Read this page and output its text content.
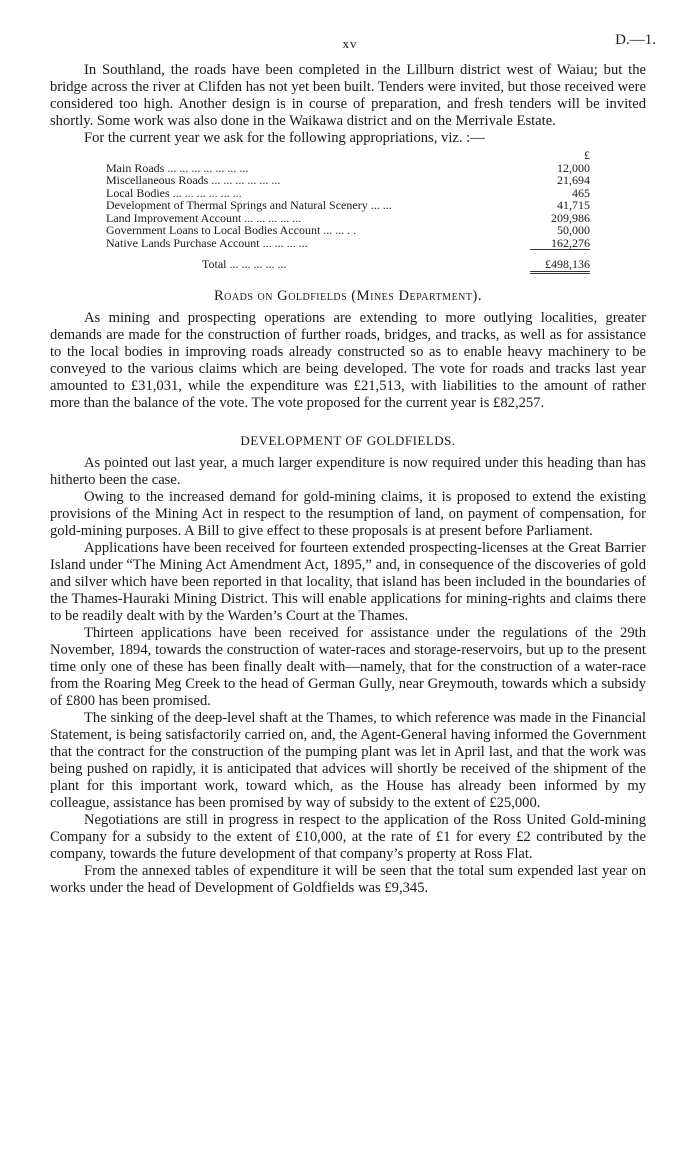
xv	D.—1.

In Southland, the roads have been completed in the Lillburn district west of Waiau; but the bridge across the river at Clifden has not yet been built. Tenders were invited, but those received were considered too high. Another design is in course of preparation, and fresh tenders will be invited shortly. Some work was also done in the Waikawa district and on the Merrivale Estate.

For the current year we ask for the following appropriations, viz. :—

	£
Main Roads ... ... ... ... ... ... ...	12,000
Miscellaneous Roads ... ... ... ... ... ...	21,694
Local Bodies ... ... ... ... ... ...	465
Development of Thermal Springs and Natural Scenery ... ...	41,715
Land Improvement Account ... ... ... ... ...	209,986
Government Loans to Local Bodies Account ... ... . .	50,000
Native Lands Purchase Account ... ... ... ...	162,276
Total ... ... ... ... ...	£498,136
Roads on Goldfields (Mines Department).

As mining and prospecting operations are extending to more outlying localities, greater demands are made for the construction of further roads, bridges, and tracks, as well as for assistance to the local bodies in improving roads already constructed so as to enable heavy machinery to be conveyed to the various claims which are being developed. The vote for roads and tracks last year amounted to £31,031, while the expenditure was £21,513, with liabilities to the amount of rather more than the balance of the vote. The vote proposed for the current year is £82,257.

DEVELOPMENT OF GOLDFIELDS.

As pointed out last year, a much larger expenditure is now required under this heading than has hitherto been the case.

Owing to the increased demand for gold-mining claims, it is proposed to extend the existing provisions of the Mining Act in respect to the resumption of land, on payment of compensation, for gold-mining purposes. A Bill to give effect to these proposals is at present before Parliament.

Applications have been received for fourteen extended prospecting-licenses at the Great Barrier Island under “The Mining Act Amendment Act, 1895,” and, in consequence of the discoveries of gold and silver which have been reported in that locality, that island has been included in the boundaries of the Thames-Hauraki Mining District. This will enable applications for mining-rights and claims there to be readily dealt with by the Warden’s Court at the Thames.

Thirteen applications have been received for assistance under the regulations of the 29th November, 1894, towards the construction of water-races and storage-reservoirs, but up to the present time only one of these has been finally dealt with—namely, that for the construction of a water-race from the Roaring Meg Creek to the head of German Gully, near Greymouth, towards which a subsidy of £800 has been promised.

The sinking of the deep-level shaft at the Thames, to which reference was made in the Financial Statement, is being satisfactorily carried on, and, the Agent-General having informed the Government that the contract for the construction of the pumping plant was let in April last, and that the work was being pushed on rapidly, it is anticipated that advices will shortly be received of the shipment of the plant for this important work, toward which, as the House has already been informed by my colleague, assistance has been promised by way of subsidy to the extent of £25,000.

Negotiations are still in progress in respect to the application of the Ross United Gold-mining Company for a subsidy to the extent of £10,000, at the rate of £1 for every £2 contributed by the company, towards the future development of that company’s property at Ross Flat.

From the annexed tables of expenditure it will be seen that the total sum expended last year on works under the head of Development of Goldfields was £9,345.
